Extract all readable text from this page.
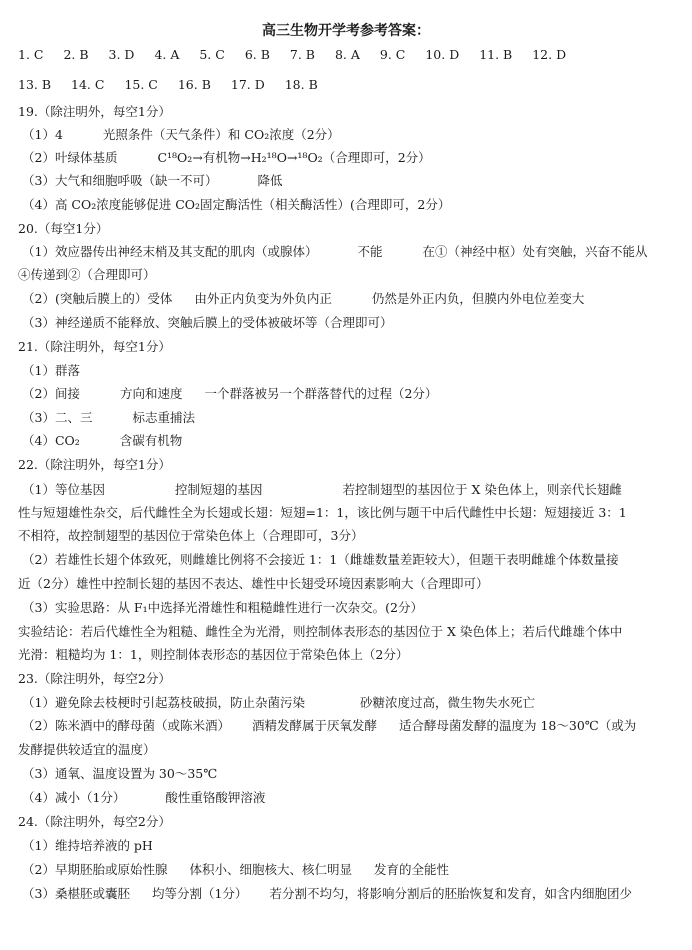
高三生物开学考参考答案：
1. C 2. B 3. D 4. A 5. C 6. B 7. B 8. A 9. C 10. D 11. B 12. D
13. B 14. C 15. C 16. B 17. D 18. B
19.（除注明外，每空1分）
（1）4	光照条件（天气条件）和 CO₂浓度（2分）
（2）叶绿体基质	C¹⁸O₂→有机物→H₂¹⁸O→¹⁸O₂（合理即可，2分）
（3）大气和细胞呼吸（缺一不可）	降低
（4）高 CO₂浓度能够促进 CO₂固定酶活性（相关酶活性）(合理即可，2分）
20.（每空1分）
（1）效应器传出神经末梢及其支配的肌肉（或腺体）	不能	在①（神经中枢）处有突触，兴奋不能从
④传递到②（合理即可）
（2）(突触后膜上的）受体 由外正内负变为外负内正	仍然是外正内负，但膜内外电位差变大
（3）神经递质不能释放、突触后膜上的受体被破坏等（合理即可）
21.（除注明外，每空1分）
（1）群落
（2）间接	方向和速度 一个群落被另一个群落替代的过程（2分）
（3）二、三	标志重捕法
（4）CO₂	含碳有机物
22.（除注明外，每空1分）
（1）等位基因	控制短翅的基因	若控制翅型的基因位于 X 染色体上，则亲代长翅雌
性与短翅雄性杂交，后代雌性全为长翅或长翅：短翅=1：1，该比例与题干中后代雌性中长翅：短翅接近 3：1
不相符，故控制翅型的基因位于常染色体上（合理即可，3分）
（2）若雄性长翅个体致死，则雌雄比例将不会接近 1：1（雌雄数量差距较大），但题干表明雌雄个体数量接
近（2分）雄性中控制长翅的基因不表达、雄性中长翅受环境因素影响大（合理即可）
（3）实验思路：从 F₁中选择光滑雄性和粗糙雌性进行一次杂交。(2分）
实验结论：若后代雄性全为粗糙、雌性全为光滑，则控制体表形态的基因位于 X 染色体上；若后代雌雄个体中
光滑：粗糙均为 1：1，则控制体表形态的基因位于常染色体上（2分）
23.（除注明外，每空2分）
（1）避免除去枝梗时引起荔枝破损，防止杂菌污染	砂糖浓度过高，微生物失水死亡
（2）陈米酒中的酵母菌（或陈米酒） 酒精发酵属于厌氧发酵 适合酵母菌发酵的温度为 18～30℃（或为
发酵提供较适宜的温度）
（3）通氧、温度设置为 30～35℃
（4）减小（1分）	酸性重铬酸钾溶液
24.（除注明外，每空2分）
（1）维持培养液的 pH
（2）早期胚胎或原始性腺 体积小、细胞核大、核仁明显 发育的全能性
（3）桑椹胚或囊胚 均等分割（1分） 若分割不均匀，将影响分割后的胚胎恢复和发育，如含内细胞团少
